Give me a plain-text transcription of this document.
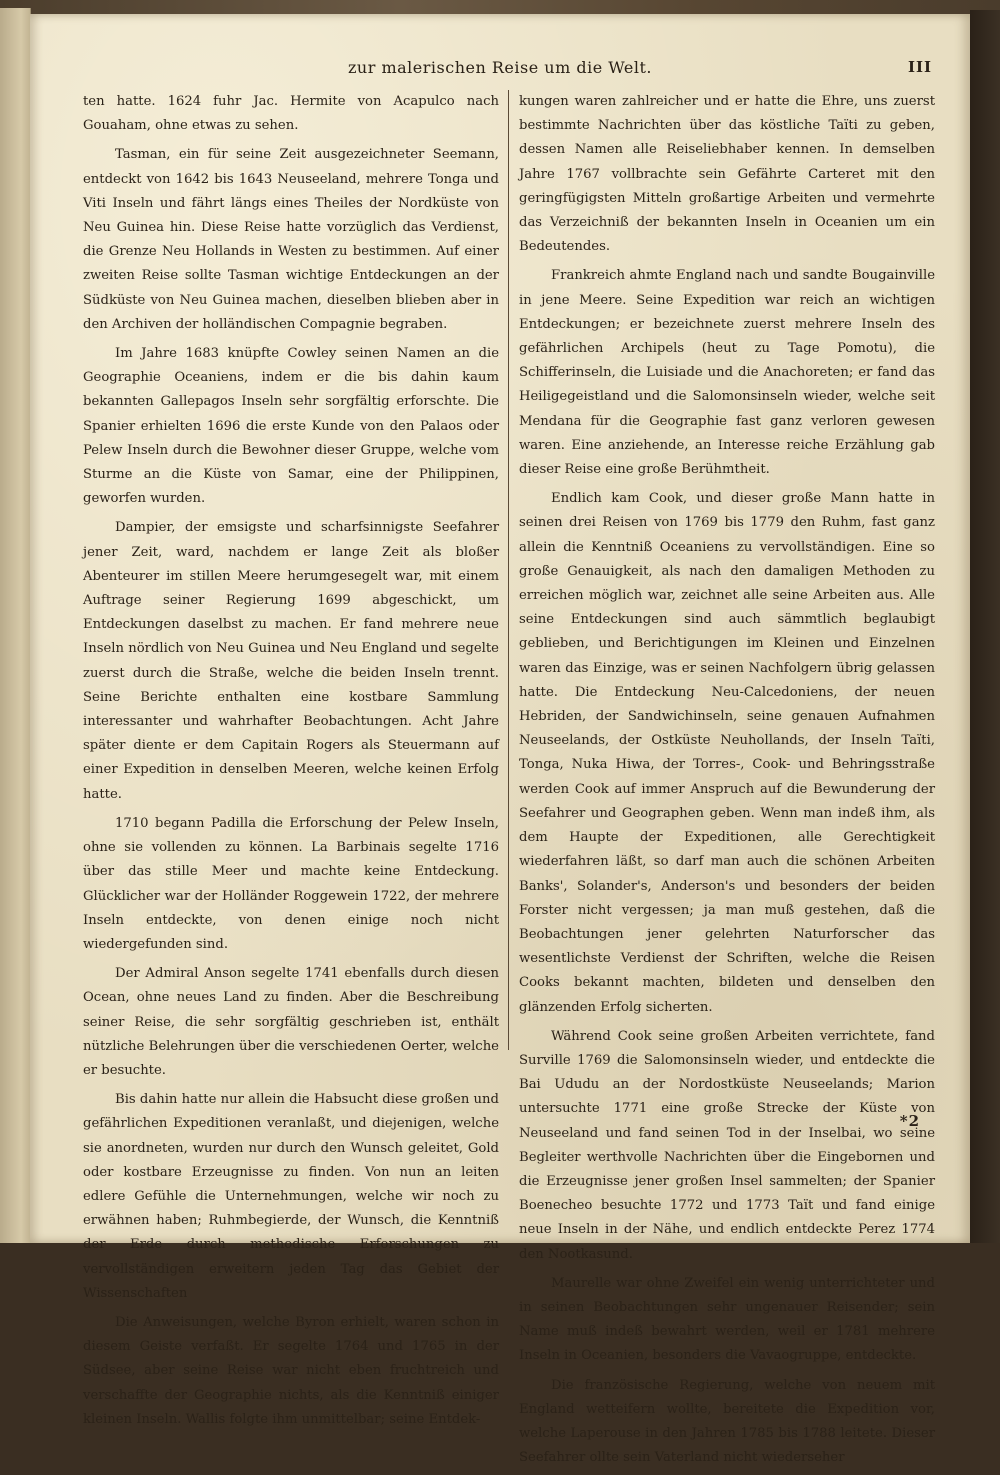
zur malerischen Reise um die Welt.	III

ten hatte. 1624 fuhr Jac. Hermite von Acapulco nach Gouaham, ohne etwas zu sehen.

Tasman, ein für seine Zeit ausgezeichneter Seemann, entdeckt von 1642 bis 1643 Neuseeland, mehrere Tonga und Viti Inseln und fährt längs eines Theiles der Nordküste von Neu Guinea hin. Diese Reise hatte vorzüglich das Verdienst, die Grenze Neu Hollands in Westen zu bestimmen. Auf einer zweiten Reise sollte Tasman wichtige Entdeckungen an der Südküste von Neu Guinea machen, dieselben blieben aber in den Archiven der holländischen Compagnie begraben.

Im Jahre 1683 knüpfte Cowley seinen Namen an die Geographie Oceaniens, indem er die bis dahin kaum bekannten Gallepagos Inseln sehr sorgfältig erforschte. Die Spanier erhielten 1696 die erste Kunde von den Palaos oder Pelew Inseln durch die Bewohner dieser Gruppe, welche vom Sturme an die Küste von Samar, eine der Philippinen, geworfen wurden.

Dampier, der emsigste und scharfsinnigste Seefahrer jener Zeit, ward, nachdem er lange Zeit als bloßer Abenteurer im stillen Meere herumgesegelt war, mit einem Auftrage seiner Regierung 1699 abgeschickt, um Entdeckungen daselbst zu machen. Er fand mehrere neue Inseln nördlich von Neu Guinea und Neu England und segelte zuerst durch die Straße, welche die beiden Inseln trennt. Seine Berichte enthalten eine kostbare Sammlung interessanter und wahrhafter Beobachtungen. Acht Jahre später diente er dem Capitain Rogers als Steuermann auf einer Expedition in denselben Meeren, welche keinen Erfolg hatte.

1710 begann Padilla die Erforschung der Pelew Inseln, ohne sie vollenden zu können. La Barbinais segelte 1716 über das stille Meer und machte keine Entdeckung. Glücklicher war der Holländer Roggewein 1722, der mehrere Inseln entdeckte, von denen einige noch nicht wiedergefunden sind.

Der Admiral Anson segelte 1741 ebenfalls durch diesen Ocean, ohne neues Land zu finden. Aber die Beschreibung seiner Reise, die sehr sorgfältig geschrieben ist, enthält nützliche Belehrungen über die verschiedenen Oerter, welche er besuchte.

Bis dahin hatte nur allein die Habsucht diese großen und gefährlichen Expeditionen veranlaßt, und diejenigen, welche sie anordneten, wurden nur durch den Wunsch geleitet, Gold oder kostbare Erzeugnisse zu finden. Von nun an leiten edlere Gefühle die Unternehmungen, welche wir noch zu erwähnen haben; Ruhmbegierde, der Wunsch, die Kenntniß der Erde durch methodische Erforschungen zu vervollständigen erweitern jeden Tag das Gebiet der Wissenschaften

Die Anweisungen, welche Byron erhielt, waren schon in diesem Geiste verfaßt. Er segelte 1764 und 1765 in der Südsee, aber seine Reise war nicht eben fruchtreich und verschaffte der Geographie nichts, als die Kenntniß einiger kleinen Inseln. Wallis folgte ihm unmittelbar; seine Entdek-

kungen waren zahlreicher und er hatte die Ehre, uns zuerst bestimmte Nachrichten über das köstliche Taïti zu geben, dessen Namen alle Reiseliebhaber kennen. In demselben Jahre 1767 vollbrachte sein Gefährte Carteret mit den geringfügigsten Mitteln großartige Arbeiten und vermehrte das Verzeichniß der bekannten Inseln in Oceanien um ein Bedeutendes.

Frankreich ahmte England nach und sandte Bougainville in jene Meere. Seine Expedition war reich an wichtigen Entdeckungen; er bezeichnete zuerst mehrere Inseln des gefährlichen Archipels (heut zu Tage Pomotu), die Schifferinseln, die Luisiade und die Anachoreten; er fand das Heiligegeistland und die Salomonsinseln wieder, welche seit Mendana für die Geographie fast ganz verloren gewesen waren. Eine anziehende, an Interesse reiche Erzählung gab dieser Reise eine große Berühmtheit.

Endlich kam Cook, und dieser große Mann hatte in seinen drei Reisen von 1769 bis 1779 den Ruhm, fast ganz allein die Kenntniß Oceaniens zu vervollständigen. Eine so große Genauigkeit, als nach den damaligen Methoden zu erreichen möglich war, zeichnet alle seine Arbeiten aus. Alle seine Entdeckungen sind auch sämmtlich beglaubigt geblieben, und Berichtigungen im Kleinen und Einzelnen waren das Einzige, was er seinen Nachfolgern übrig gelassen hatte. Die Entdeckung Neu-Calcedoniens, der neuen Hebriden, der Sandwichinseln, seine genauen Aufnahmen Neuseelands, der Ostküste Neuhollands, der Inseln Taïti, Tonga, Nuka Hiwa, der Torres-, Cook- und Behringsstraße werden Cook auf immer Anspruch auf die Bewunderung der Seefahrer und Geographen geben. Wenn man indeß ihm, als dem Haupte der Expeditionen, alle Gerechtigkeit wiederfahren läßt, so darf man auch die schönen Arbeiten Banks', Solander's, Anderson's und besonders der beiden Forster nicht vergessen; ja man muß gestehen, daß die Beobachtungen jener gelehrten Naturforscher das wesentlichste Verdienst der Schriften, welche die Reisen Cooks bekannt machten, bildeten und denselben den glänzenden Erfolg sicherten.

Während Cook seine großen Arbeiten verrichtete, fand Surville 1769 die Salomonsinseln wieder, und entdeckte die Bai Ududu an der Nordostküste Neuseelands; Marion untersuchte 1771 eine große Strecke der Küste von Neuseeland und fand seinen Tod in der Inselbai, wo seine Begleiter werthvolle Nachrichten über die Eingebornen und die Erzeugnisse jener großen Insel sammelten; der Spanier Boenecheo besuchte 1772 und 1773 Taït und fand einige neue Inseln in der Nähe, und endlich entdeckte Perez 1774 den Nootkasund.

Maurelle war ohne Zweifel ein wenig unterrichteter und in seinen Beobachtungen sehr ungenauer Reisender; sein Name muß indeß bewahrt werden, weil er 1781 mehrere Inseln in Oceanien, besonders die Vavaogruppe, entdeckte.

Die französische Regierung, welche von neuem mit England wetteifern wollte, bereitete die Expedition vor, welche Laperouse in den Jahren 1785 bis 1788 leitete. Dieser Seefahrer ollte sein Vaterland nicht wiederseher

*2
